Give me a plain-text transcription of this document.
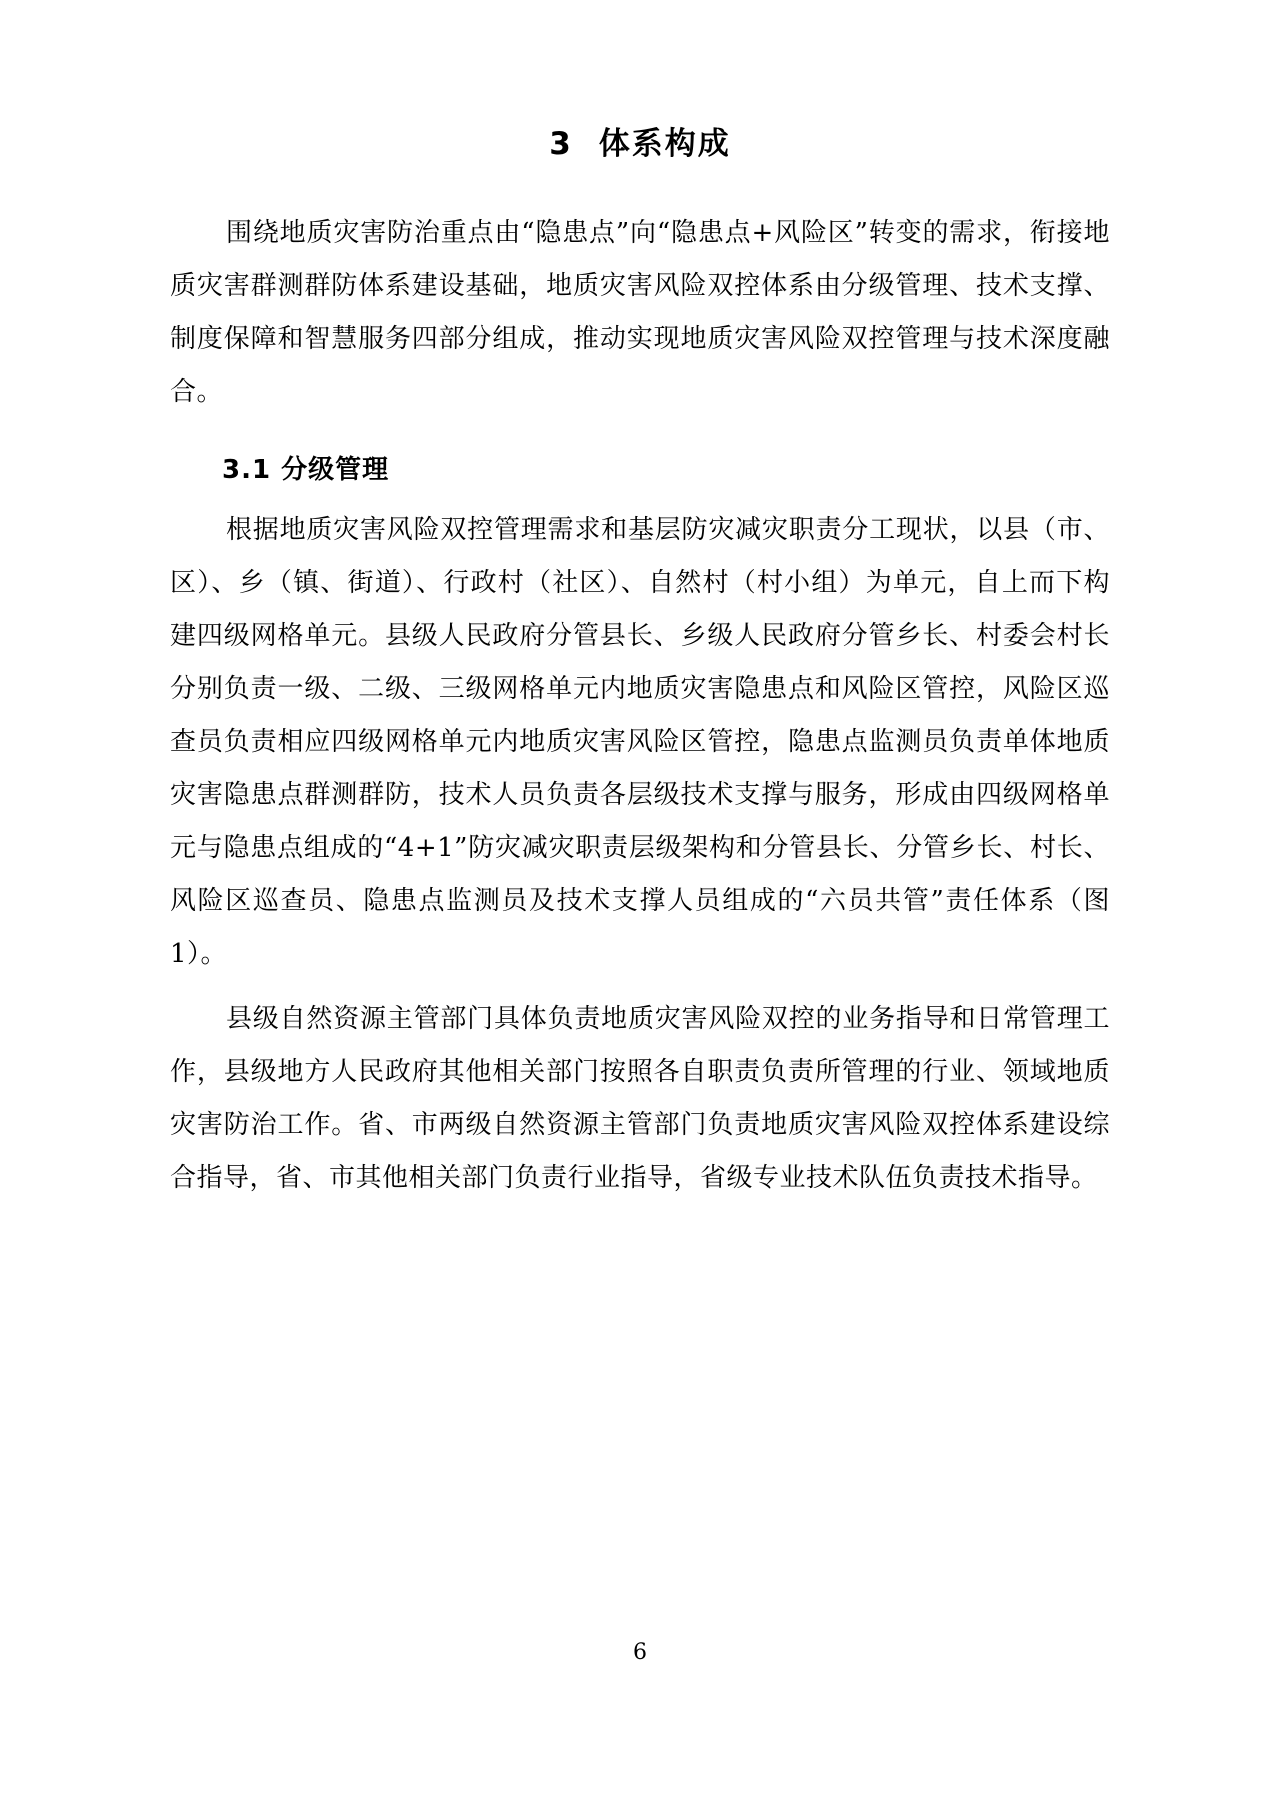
3 体系构成

围绕地质灾害防治重点由“隐患点”向“隐患点+风险区”转变的需求，衔接地质灾害群测群防体系建设基础，地质灾害风险双控体系由分级管理、技术支撑、制度保障和智慧服务四部分组成，推动实现地质灾害风险双控管理与技术深度融合。

3.1 分级管理

根据地质灾害风险双控管理需求和基层防灾减灾职责分工现状，以县（市、区）、乡（镇、街道）、行政村（社区）、自然村（村小组）为单元，自上而下构建四级网格单元。县级人民政府分管县长、乡级人民政府分管乡长、村委会村长分别负责一级、二级、三级网格单元内地质灾害隐患点和风险区管控，风险区巡查员负责相应四级网格单元内地质灾害风险区管控，隐患点监测员负责单体地质灾害隐患点群测群防，技术人员负责各层级技术支撑与服务，形成由四级网格单元与隐患点组成的“4+1”防灾减灾职责层级架构和分管县长、分管乡长、村长、风险区巡查员、隐患点监测员及技术支撑人员组成的“六员共管”责任体系（图 1）。

县级自然资源主管部门具体负责地质灾害风险双控的业务指导和日常管理工作，县级地方人民政府其他相关部门按照各自职责负责所管理的行业、领域地质灾害防治工作。省、市两级自然资源主管部门负责地质灾害风险双控体系建设综合指导，省、市其他相关部门负责行业指导，省级专业技术队伍负责技术指导。

6
